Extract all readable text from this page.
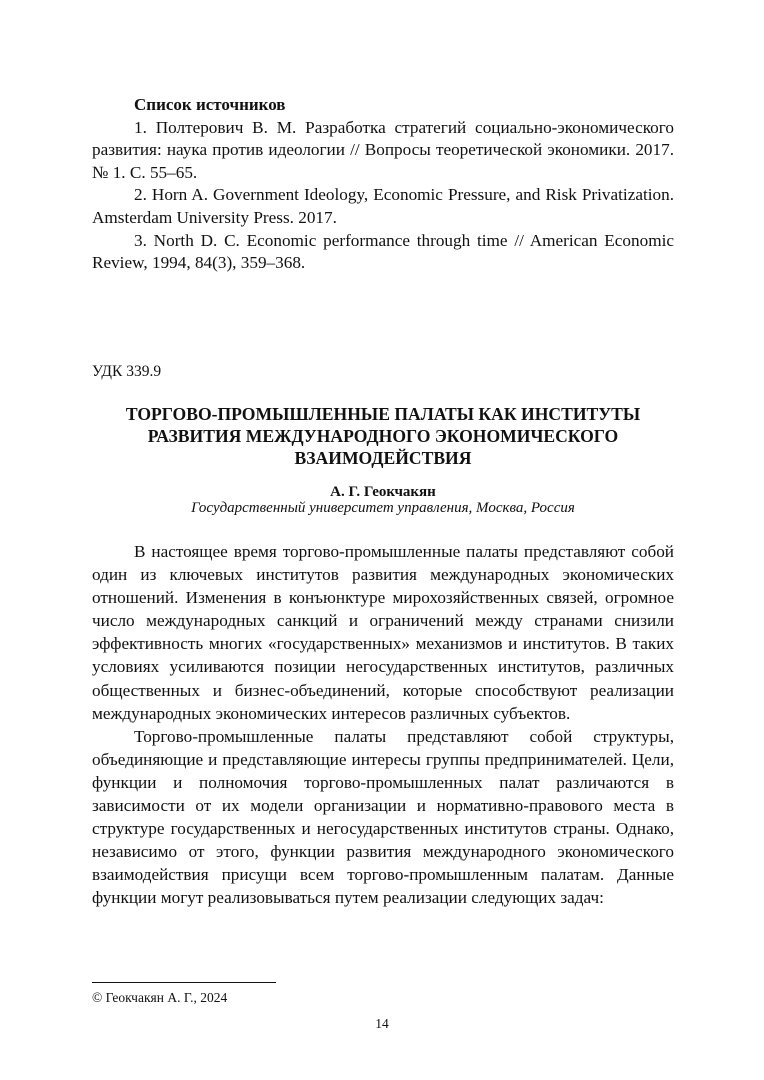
Список источников

1. Полтерович В. М. Разработка стратегий социально-экономического развития: наука против идеологии // Вопросы теоретической экономики. 2017. № 1. С. 55–65.

2. Horn A. Government Ideology, Economic Pressure, and Risk Privatization. Amsterdam University Press. 2017.

3. North D. C. Economic performance through time // American Economic Review, 1994, 84(3), 359–368.

УДК 339.9
ТОРГОВО-ПРОМЫШЛЕННЫЕ ПАЛАТЫ КАК ИНСТИТУТЫ
РАЗВИТИЯ МЕЖДУНАРОДНОГО ЭКОНОМИЧЕСКОГО
ВЗАИМОДЕЙСТВИЯ
А. Г. Геокчакян
Государственный университет управления, Москва, Россия

В настоящее время торгово-промышленные палаты представляют собой один из ключевых институтов развития международных экономических отношений. Изменения в конъюнктуре мирохозяйственных связей, огромное число международных санкций и ограничений между странами снизили эффективность многих «государственных» механизмов и институтов. В таких условиях усиливаются позиции негосударственных институтов, различных общественных и бизнес-объединений, которые способствуют реализации международных экономических интересов различных субъектов.

Торгово-промышленные палаты представляют собой структуры, объединяющие и представляющие интересы группы предпринимателей. Цели, функции и полномочия торгово-промышленных палат различаются в зависимости от их модели организации и нормативно-правового места в структуре государственных и негосударственных институтов страны. Однако, независимо от этого, функции развития международного экономического взаимодействия присущи всем торгово-промышленным палатам. Данные функции могут реализовываться путем реализации следующих задач:

© Геокчакян А. Г., 2024
14
